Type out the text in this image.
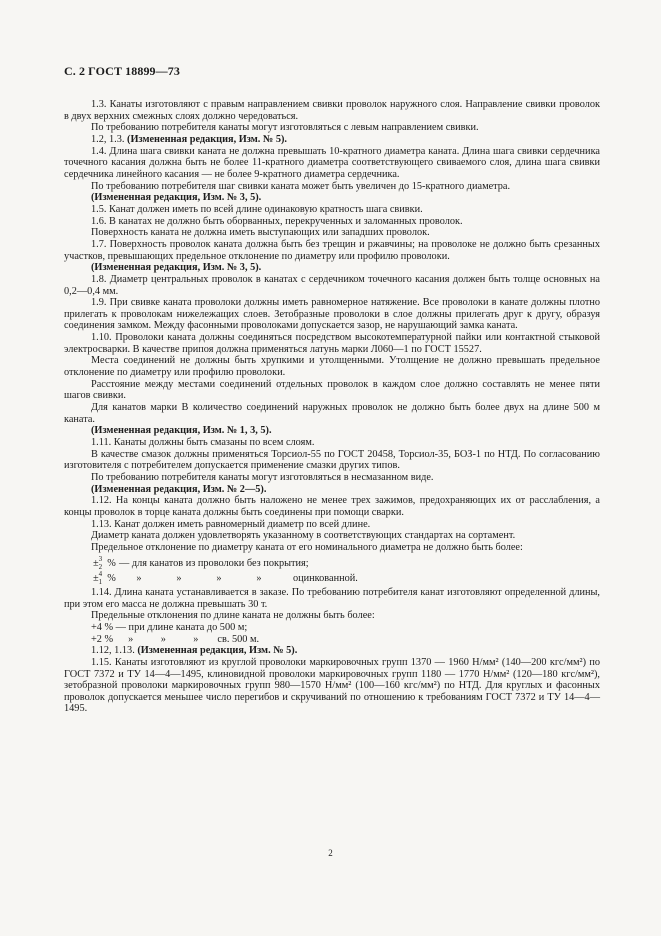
С. 2 ГОСТ 18899—73

1.3. Канаты изготовляют с правым направлением свивки проволок наружного слоя. Направление свивки проволок в двух верхних смежных слоях должно чередоваться.

По требованию потребителя канаты могут изготовляться с левым направлением свивки.

1.2, 1.3. (Измененная редакция, Изм. № 5).

1.4. Длина шага свивки каната не должна превышать 10-кратного диаметра каната. Длина шага свивки сердечника точечного касания должна быть не более 11-кратного диаметра соответствующего свиваемого слоя, длина шага свивки сердечника линейного касания — не более 9-кратного диаметра сердечника.

По требованию потребителя шаг свивки каната может быть увеличен до 15-кратного диаметра.

(Измененная редакция, Изм. № 3, 5).

1.5. Канат должен иметь по всей длине одинаковую кратность шага свивки.

1.6. В канатах не должно быть оборванных, перекрученных и заломанных проволок.

Поверхность каната не должна иметь выступающих или западших проволок.

1.7. Поверхность проволок каната должна быть без трещин и ржавчины; на проволоке не должно быть срезанных участков, превышающих предельное отклонение по диаметру или профилю проволоки.

(Измененная редакция, Изм. № 3, 5).

1.8. Диаметр центральных проволок в канатах с сердечником точечного касания должен быть толще основных на 0,2—0,4 мм.

1.9. При свивке каната проволоки должны иметь равномерное натяжение. Все проволоки в канате должны плотно прилегать к проволокам нижележащих слоев. Зетобразные проволоки в слое должны прилегать друг к другу, образуя соединения замком. Между фасонными проволоками допускается зазор, не нарушающий замка каната.

1.10. Проволоки каната должны соединяться посредством высокотемпературной пайки или контактной стыковой электросварки. В качестве припоя должна применяться латунь марки Л060—1 по ГОСТ 15527.

Места соединений не должны быть хрупкими и утолщенными. Утолщение не должно превышать предельное отклонение по диаметру или профилю проволоки.

Расстояние между местами соединений отдельных проволок в каждом слое должно составлять не менее пяти шагов свивки.

Для канатов марки В количество соединений наружных проволок не должно быть более двух на длине 500 м каната.

(Измененная редакция, Изм. № 1, 3, 5).

1.11. Канаты должны быть смазаны по всем слоям.

В качестве смазок должны применяться Торсиол-55 по ГОСТ 20458, Торсиол-35, БОЗ-1 по НТД. По согласованию изготовителя с потребителем допускается применение смазки других типов.

По требованию потребителя канаты могут изготовляться в несмазанном виде.

(Измененная редакция, Изм. № 2—5).

1.12. На концы каната должно быть наложено не менее трех зажимов, предохраняющих их от расслабления, а концы проволок в торце каната должны быть соединены при помощи сварки.

1.13. Канат должен иметь равномерный диаметр по всей длине.

Диаметр каната должен удовлетворять указанному в соответствующих стандартах на сортамент.

Предельное отклонение по диаметру каната от его номинального диаметра не должно быть более:

± 3
2 % — для канатов из проволоки без покрытия;
± 4
1 %	»	»	»	»	оцинкованной.

1.14. Длина каната устанавливается в заказе. По требованию потребителя канат изготовляют определенной длины, при этом его масса не должна превышать 30 т.

Предельные отклонения по длине каната не должны быть более:

+4 % — при длине каната до 500 м;
+2 % »	»	» св. 500 м.

1.12, 1.13. (Измененная редакция, Изм. № 5).

1.15. Канаты изготовляют из круглой проволоки маркировочных групп 1370 — 1960 Н/мм² (140—200 кгс/мм²) по ГОСТ 7372 и ТУ 14—4—1495, клиновидной проволоки маркировочных групп 1180 — 1770 Н/мм² (120—180 кгс/мм²), зетобразной проволоки маркировочных групп 980—1570 Н/мм² (100—160 кгс/мм²) по НТД. Для круглых и фасонных проволок допускается меньшее число перегибов и скручиваний по отношению к требованиям ГОСТ 7372 и ТУ 14—4—1495.

2
